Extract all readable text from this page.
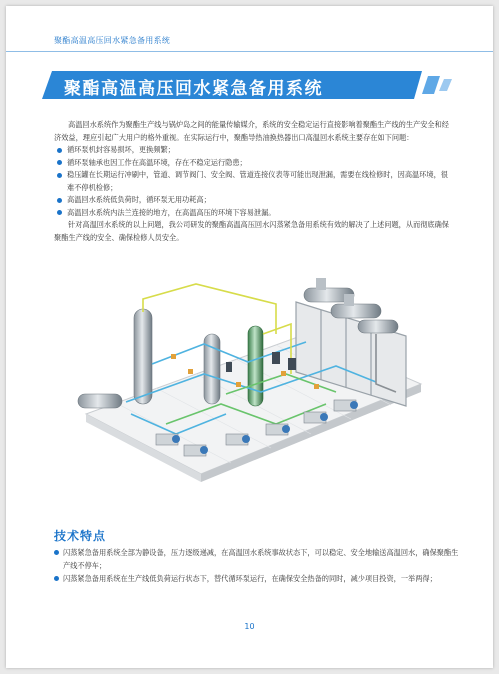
聚酯高温高压回水紧急备用系统
聚酯高温高压回水紧急备用系统

高温回水系统作为聚酯生产线与锅炉岛之间的能量传输媒介，系统的安全稳定运行直接影响着聚酯生产线的生产安全和经济效益，理应引起广大用户的格外重视。在实际运行中，聚酯导热油换热器出口高温回水系统主要存在如下问题：

循环泵机封容易损坏，更换频繁；
循环泵轴承也因工作在高温环境，存在不稳定运行隐患；
稳压罐在长期运行冲刷中，管道、调节阀门、安全阀、管道连接仪表等可能出现泄漏，需要在线检修时，因高温环境，很难不停机检修；
高温回水系统低负荷时，循环泵无用功耗高；
高温回水系统内法兰连接的地方，在高温高压的环境下容易泄漏。

针对高温回水系统的以上问题，我公司研发的聚酯高温高压回水闪蒸紧急备用系统有效的解决了上述问题，从而彻底确保聚酯生产线的安全、确保检修人员安全。

技术特点
闪蒸紧急备用系统全部为静设备，压力逐级递减，在高温回水系统事故状态下，可以稳定、安全地输送高温回水，确保聚酯生产线不停车；
闪蒸紧急备用系统在生产线低负荷运行状态下，替代循环泵运行，在确保安全热备的同时，减少项目投资，一举两得；
10
